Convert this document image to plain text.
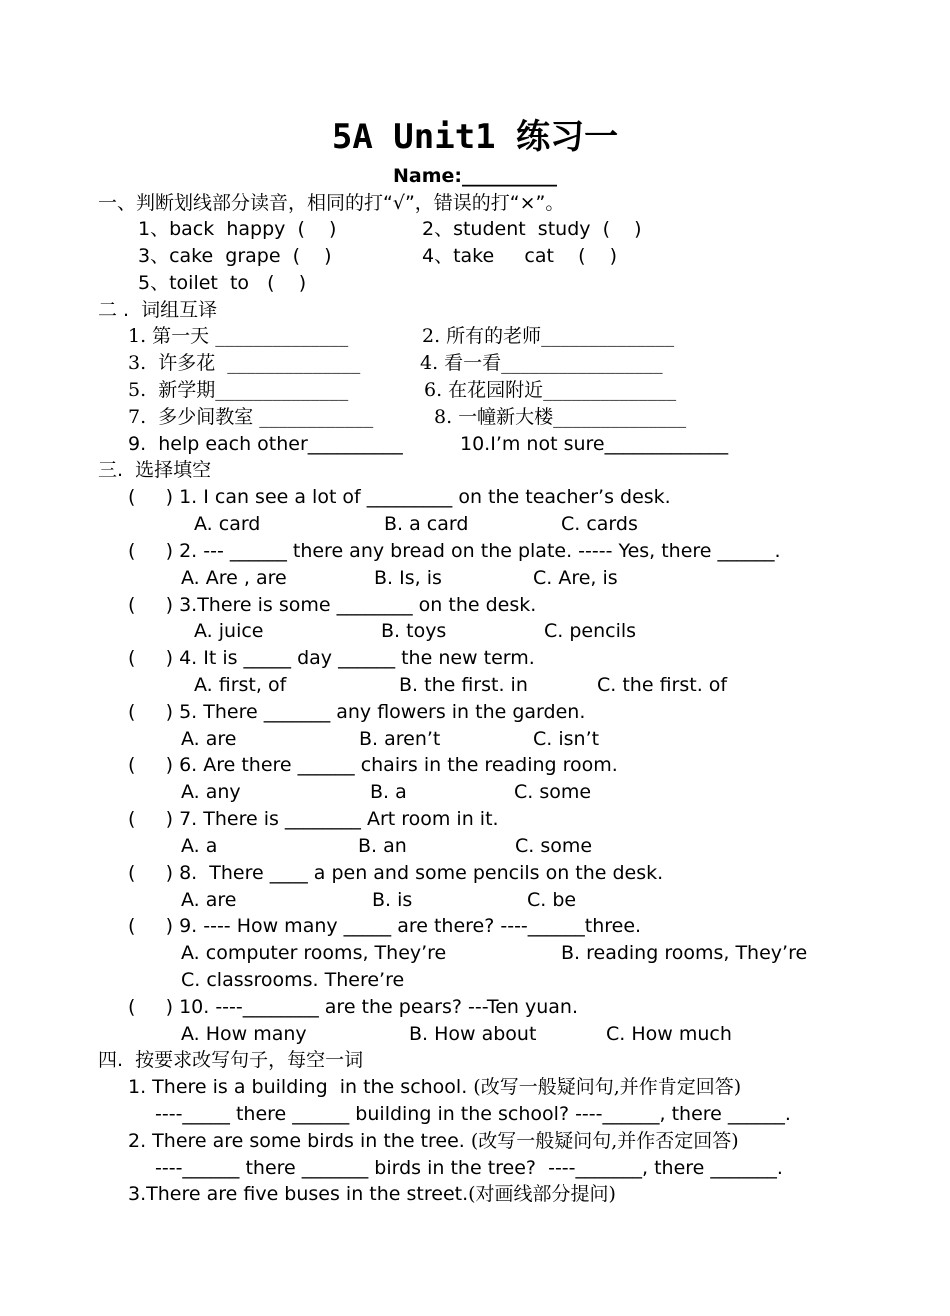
5A Unit1 练习一
Name:__________
一、判断划线部分读音，相同的打“√”，错误的打“×”。
1、back  happy  (    )	2、student  study  (    )
3、cake  grape  (    )	4、take     cat    (    )
5、toilet  to   (    )
二 .  词组互译
1. 第一天 ______________	2. 所有的老师______________
3.  许多花  ______________	4. 看一看_________________
5.  新学期______________	6. 在花园附近______________
7.  多少间教室 ____________	8. 一幢新大楼______________
9.  help each other__________	10.I’m not sure_____________
三.  选择填空
(     ) 1. I can see a lot of _________ on the teacher’s desk.
A. card	B. a card	C. cards
(     ) 2. --- ______ there any bread on the plate. ----- Yes, there ______.
A. Are , are	B. Is, is	C. Are, is
(     ) 3.There is some ________ on the desk.
A. juice	B. toys	C. pencils
(     ) 4. It is _____ day ______ the new term.
A. first, of	B. the first. in	C. the first. of
(     ) 5. There _______ any flowers in the garden.
A. are	B. aren’t	C. isn’t
(     ) 6. Are there ______ chairs in the reading room.
A. any	B. a	C. some
(     ) 7. There is ________ Art room in it.
A. a	B. an	C. some
(     ) 8.  There ____ a pen and some pencils on the desk.
A. are	B. is	C. be
(     ) 9. ---- How many _____ are there? ----______three.
A. computer rooms, They’re	B. reading rooms, They’re
C. classrooms. There’re
(     ) 10. ----________ are the pears? ---Ten yuan.
A. How many	B. How about	C. How much
四.  按要求改写句子，每空一词
1. There is a building  in the school. (改写一般疑问句,并作肯定回答)
----_____ there ______ building in the school? ----______, there ______.
2. There are some birds in the tree. (改写一般疑问句,并作否定回答)
----______ there _______ birds in the tree?  ----_______, there _______.
3.There are five buses in the street.(对画线部分提问)
